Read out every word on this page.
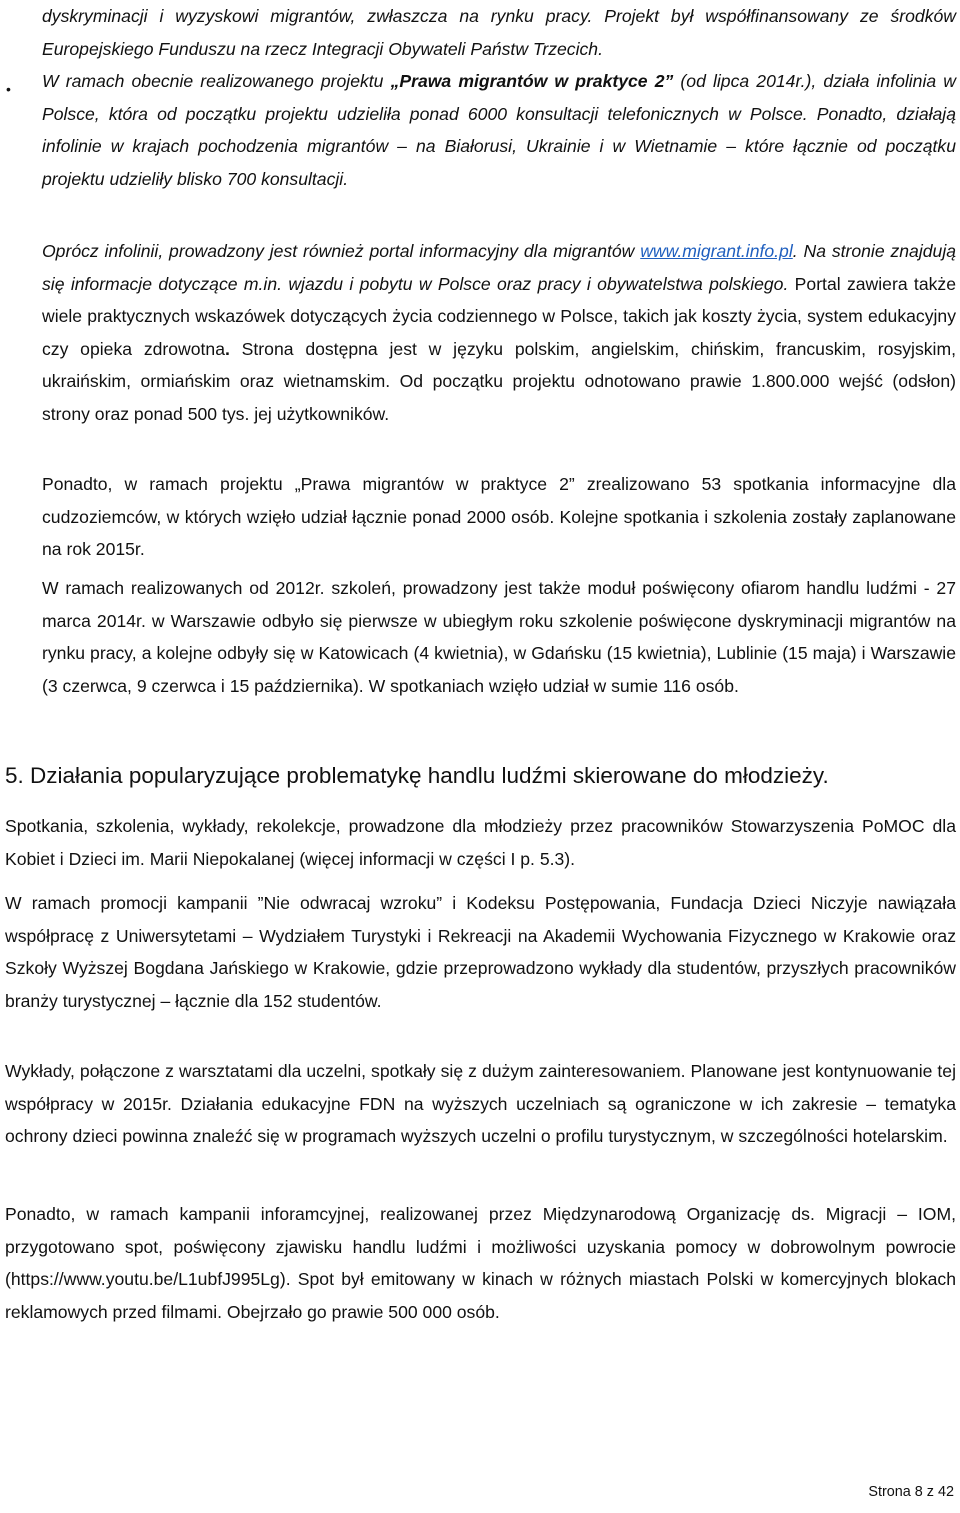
dyskryminacji i wyzyskowi migrantów, zwłaszcza na rynku pracy. Projekt był współfinansowany ze środków Europejskiego Funduszu na rzecz Integracji Obywateli Państw Trzecich.

• W ramach obecnie realizowanego projektu „Prawa migrantów w praktyce 2” (od lipca 2014r.), działa infolinia w Polsce, która od początku projektu udzieliła ponad 6000 konsultacji telefonicznych w Polsce. Ponadto, działają infolinie w krajach pochodzenia migrantów – na Białorusi, Ukrainie i w Wietnamie – które łącznie od początku projektu udzieliły blisko 700 konsultacji.

Oprócz infolinii, prowadzony jest również portal informacyjny dla migrantów www.migrant.info.pl. Na stronie znajdują się informacje dotyczące m.in. wjazdu i pobytu w Polsce oraz pracy i obywatelstwa polskiego. Portal zawiera także wiele praktycznych wskazówek dotyczących życia codziennego w Polsce, takich jak koszty życia, system edukacyjny czy opieka zdrowotna. Strona dostępna jest w języku polskim, angielskim, chińskim, francuskim, rosyjskim, ukraińskim, ormiańskim oraz wietnamskim. Od początku projektu odnotowano prawie 1.800.000 wejść (odsłon) strony oraz ponad 500 tys. jej użytkowników.

Ponadto, w ramach projektu „Prawa migrantów w praktyce 2” zrealizowano 53 spotkania informacyjne dla cudzoziemców, w których wzięło udział łącznie ponad 2000 osób. Kolejne spotkania i szkolenia zostały zaplanowane na rok 2015r.

W ramach realizowanych od 2012r. szkoleń, prowadzony jest także moduł poświęcony ofiarom handlu ludźmi - 27 marca 2014r. w Warszawie odbyło się pierwsze w ubiegłym roku szkolenie poświęcone dyskryminacji migrantów na rynku pracy, a kolejne odbyły się w Katowicach (4 kwietnia), w Gdańsku (15 kwietnia), Lublinie (15 maja) i Warszawie (3 czerwca, 9 czerwca i 15 października). W spotkaniach wzięło udział w sumie 116 osób.

5. Działania popularyzujące problematykę handlu ludźmi skierowane do młodzieży.

Spotkania, szkolenia, wykłady, rekolekcje, prowadzone dla młodzieży przez pracowników Stowarzyszenia PoMOC dla Kobiet i Dzieci im. Marii Niepokalanej (więcej informacji w części I p. 5.3).

W ramach promocji kampanii ”Nie odwracaj wzroku” i Kodeksu Postępowania, Fundacja Dzieci Niczyje nawiązała współpracę z Uniwersytetami – Wydziałem Turystyki i Rekreacji na Akademii Wychowania Fizycznego w Krakowie oraz Szkoły Wyższej Bogdana Jańskiego w Krakowie, gdzie przeprowadzono wykłady dla studentów, przyszłych pracowników branży turystycznej – łącznie dla 152 studentów.

Wykłady, połączone z warsztatami dla uczelni, spotkały się z dużym zainteresowaniem. Planowane jest kontynuowanie tej współpracy w 2015r. Działania edukacyjne FDN na wyższych uczelniach są ograniczone w ich zakresie – tematyka ochrony dzieci powinna znaleźć się w programach wyższych uczelni o profilu turystycznym, w szczególności hotelarskim.

Ponadto, w ramach kampanii inforamcyjnej, realizowanej przez Międzynarodową Organizację ds. Migracji – IOM, przygotowano spot, poświęcony zjawisku handlu ludźmi i możliwości uzyskania pomocy w dobrowolnym powrocie (https://www.youtu.be/L1ubfJ995Lg). Spot był emitowany w kinach w różnych miastach Polski w komercyjnych blokach reklamowych przed filmami. Obejrzało go prawie 500 000 osób.

Strona 8 z 42
